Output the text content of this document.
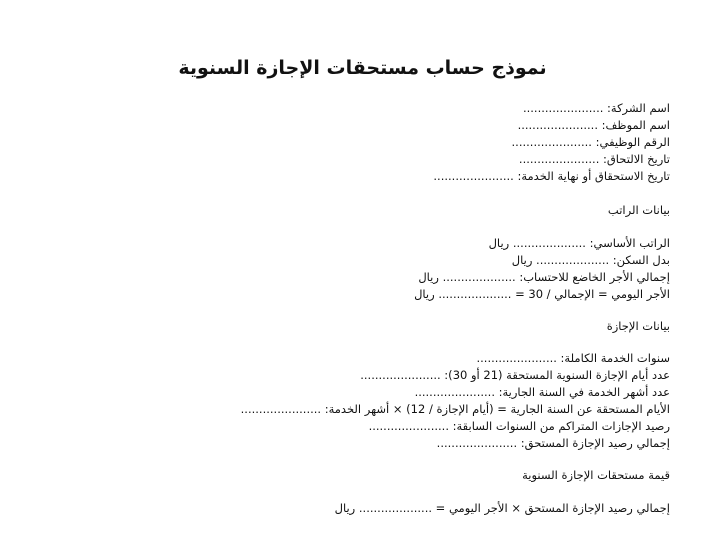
نموذج حساب مستحقات الإجازة السنوية
اسم الشركة: ......................
اسم الموظف: ......................
الرقم الوظيفي: ......................
تاريخ الالتحاق: ......................
تاريخ الاستحقاق أو نهاية الخدمة: ......................
بيانات الراتب
الراتب الأساسي: .................... ريال
بدل السكن: .................... ريال
إجمالي الأجر الخاضع للاحتساب: .................... ريال
الأجر اليومي = الإجمالي / 30 = .................... ريال
بيانات الإجازة
سنوات الخدمة الكاملة: ......................
عدد أيام الإجازة السنوية المستحقة (21 أو 30): ......................
عدد أشهر الخدمة في السنة الجارية: ......................
الأيام المستحقة عن السنة الجارية = (أيام الإجازة / 12) × أشهر الخدمة: ......................
رصيد الإجازات المتراكم من السنوات السابقة: ......................
إجمالي رصيد الإجازة المستحق: ......................
قيمة مستحقات الإجازة السنوية
إجمالي رصيد الإجازة المستحق × الأجر اليومي = .................... ريال
